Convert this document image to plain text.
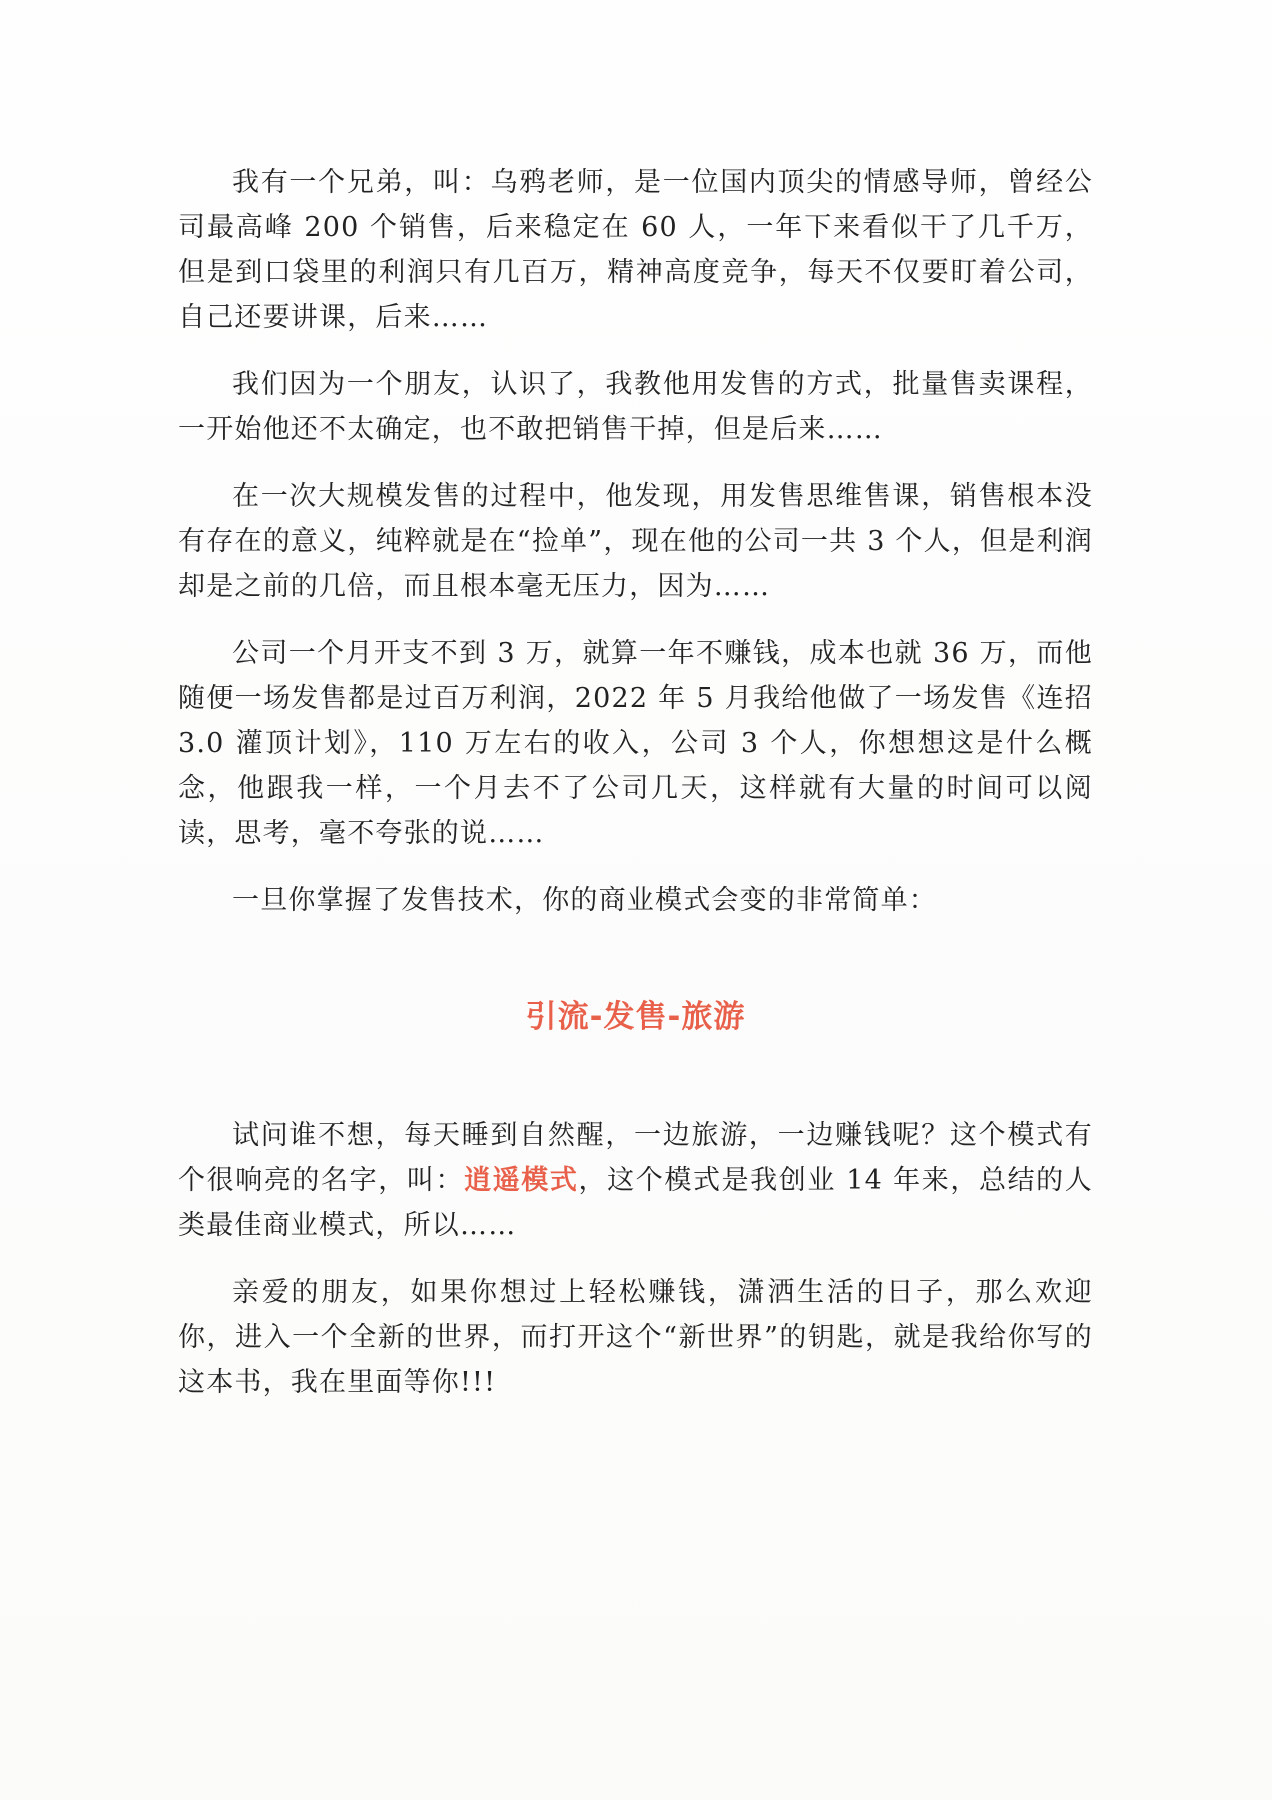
我有一个兄弟，叫：乌鸦老师，是一位国内顶尖的情感导师，曾经公司最高峰 200 个销售，后来稳定在 60 人，一年下来看似干了几千万，但是到口袋里的利润只有几百万，精神高度竞争，每天不仅要盯着公司，自己还要讲课，后来……

我们因为一个朋友，认识了，我教他用发售的方式，批量售卖课程，一开始他还不太确定，也不敢把销售干掉，但是后来……

在一次大规模发售的过程中，他发现，用发售思维售课，销售根本没有存在的意义，纯粹就是在“捡单”，现在他的公司一共 3 个人，但是利润却是之前的几倍，而且根本毫无压力，因为……

公司一个月开支不到 3 万，就算一年不赚钱，成本也就 36 万，而他随便一场发售都是过百万利润，2022 年 5 月我给他做了一场发售《连招 3.0 灌顶计划》，110 万左右的收入，公司 3 个人，你想想这是什么概念，他跟我一样，一个月去不了公司几天，这样就有大量的时间可以阅读，思考，毫不夸张的说……

一旦你掌握了发售技术，你的商业模式会变的非常简单：

引流-发售-旅游

试问谁不想，每天睡到自然醒，一边旅游，一边赚钱呢？这个模式有个很响亮的名字，叫：逍遥模式，这个模式是我创业 14 年来，总结的人类最佳商业模式，所以……

亲爱的朋友，如果你想过上轻松赚钱，潇洒生活的日子，那么欢迎你，进入一个全新的世界，而打开这个“新世界”的钥匙，就是我给你写的这本书，我在里面等你!!!
